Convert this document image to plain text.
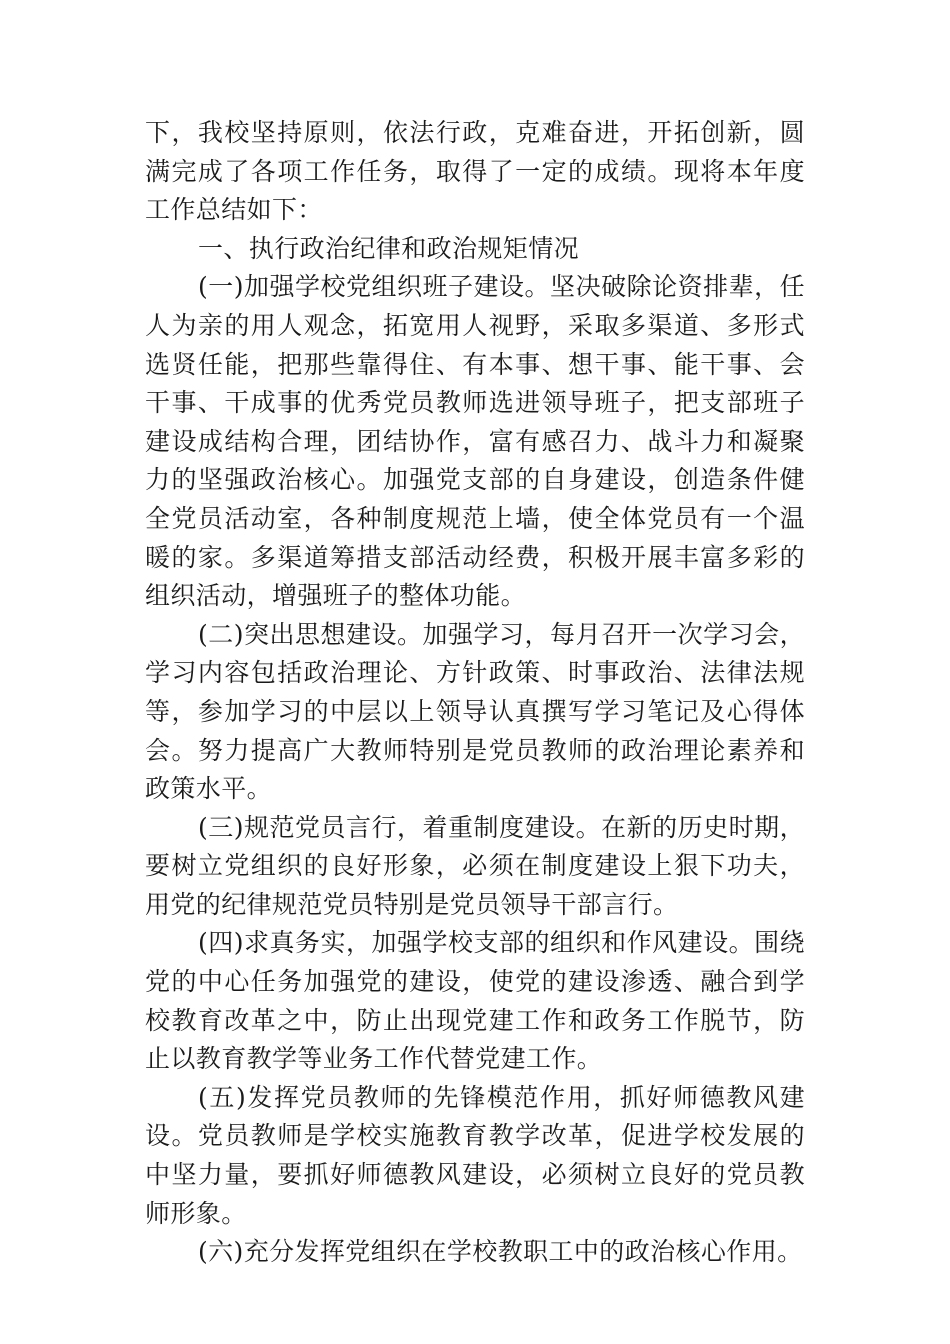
下，我校坚持原则，依法行政，克难奋进，开拓创新，圆满完成了各项工作任务，取得了一定的成绩。现将本年度工作总结如下：

一、执行政治纪律和政治规矩情况

(一)加强学校党组织班子建设。坚决破除论资排辈，任人为亲的用人观念，拓宽用人视野，采取多渠道、多形式选贤任能，把那些靠得住、有本事、想干事、能干事、会干事、干成事的优秀党员教师选进领导班子，把支部班子建设成结构合理，团结协作，富有感召力、战斗力和凝聚力的坚强政治核心。加强党支部的自身建设，创造条件健全党员活动室，各种制度规范上墙，使全体党员有一个温暖的家。多渠道筹措支部活动经费，积极开展丰富多彩的组织活动，增强班子的整体功能。

(二)突出思想建设。加强学习，每月召开一次学习会，学习内容包括政治理论、方针政策、时事政治、法律法规等，参加学习的中层以上领导认真撰写学习笔记及心得体会。努力提高广大教师特别是党员教师的政治理论素养和政策水平。

(三)规范党员言行，着重制度建设。在新的历史时期，要树立党组织的良好形象，必须在制度建设上狠下功夫，用党的纪律规范党员特别是党员领导干部言行。

(四)求真务实，加强学校支部的组织和作风建设。围绕党的中心任务加强党的建设，使党的建设渗透、融合到学校教育改革之中，防止出现党建工作和政务工作脱节，防止以教育教学等业务工作代替党建工作。

(五)发挥党员教师的先锋模范作用，抓好师德教风建设。党员教师是学校实施教育教学改革，促进学校发展的中坚力量，要抓好师德教风建设，必须树立良好的党员教师形象。

(六)充分发挥党组织在学校教职工中的政治核心作用。
